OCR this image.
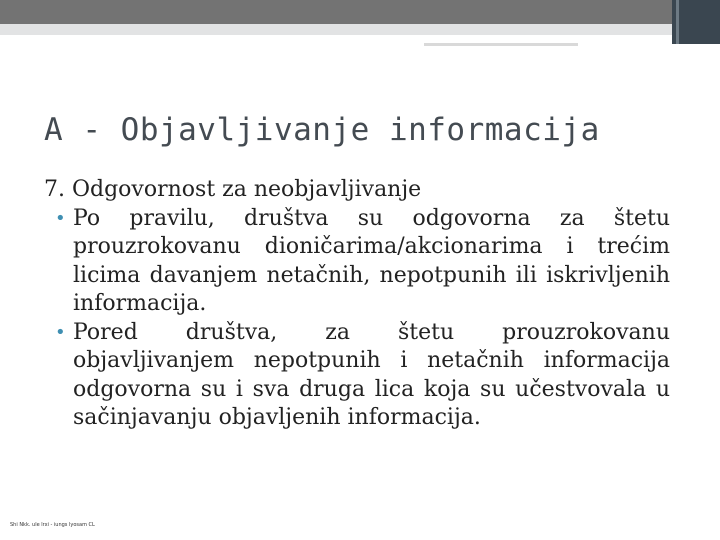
A - Objavljivanje informacija
7. Odgovornost za neobjavljivanje
• Po pravilu, društva su odgovorna za štetu prouzrokovanu dioničarima/akcionarima i trećim licima davanjem netačnih, nepotpunih ili iskrivljenih informacija.
• Pored društva, za štetu prouzrokovanu objavljivanjem nepotpunih i netačnih informacija odgovorna su i sva druga lica koja su učestvovala u sačinjavanju objavljenih informacija.
Shi Nkk. ule lrxi - iungs lyosam CL
